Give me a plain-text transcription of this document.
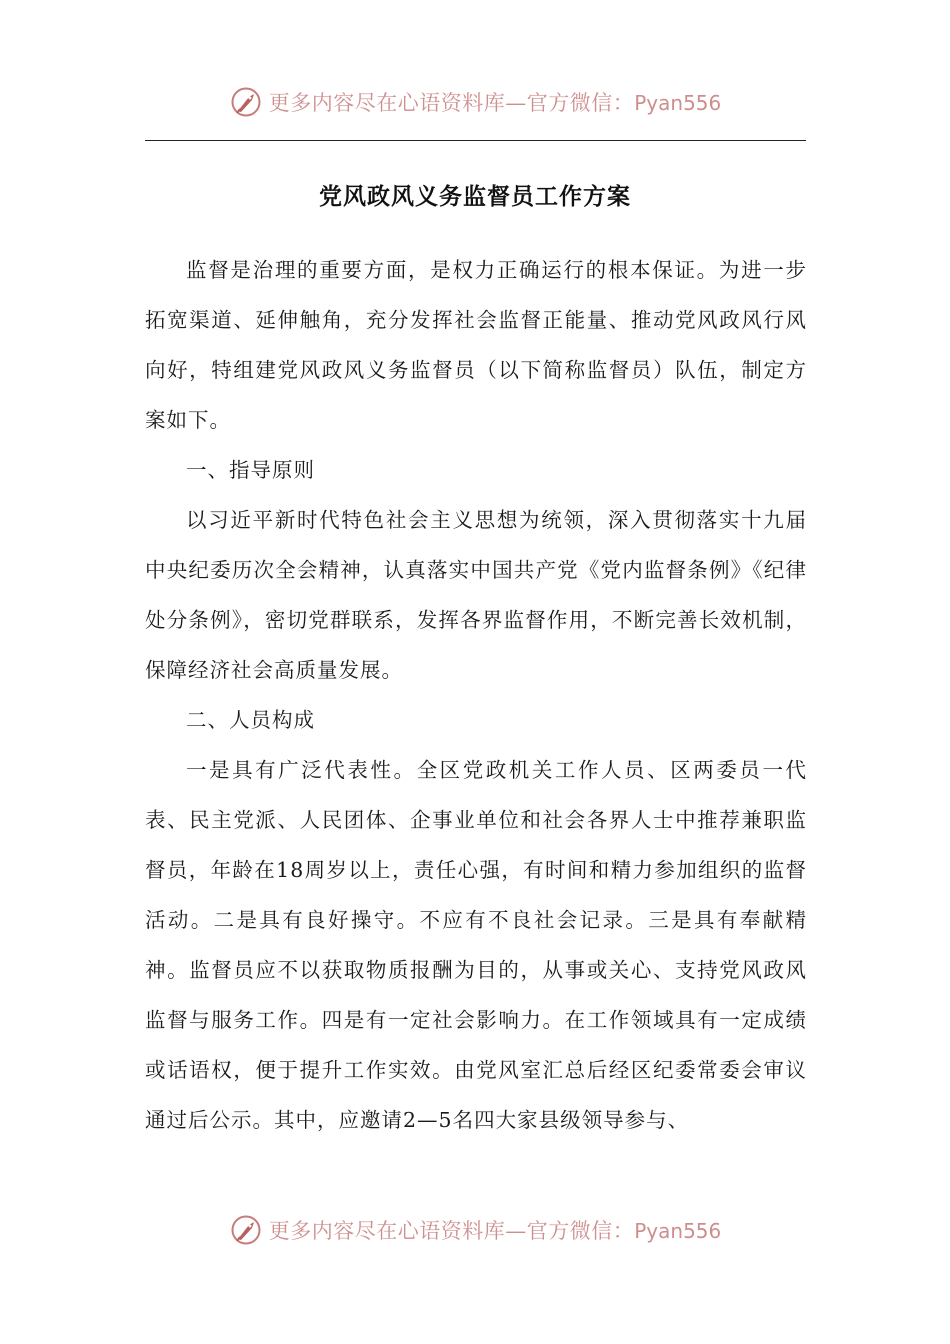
更多内容尽在心语资料库—官方微信：Pyan556
党风政风义务监督员工作方案

监督是治理的重要方面，是权力正确运行的根本保证。为进一步拓宽渠道、延伸触角，充分发挥社会监督正能量、推动党风政风行风向好，特组建党风政风义务监督员（以下简称监督员）队伍，制定方案如下。

一、指导原则

以习近平新时代特色社会主义思想为统领，深入贯彻落实十九届中央纪委历次全会精神，认真落实中国共产党《党内监督条例》《纪律处分条例》，密切党群联系，发挥各界监督作用，不断完善长效机制，保障经济社会高质量发展。

二、人员构成

一是具有广泛代表性。全区党政机关工作人员、区两委员一代表、民主党派、人民团体、企事业单位和社会各界人士中推荐兼职监督员，年龄在18周岁以上，责任心强，有时间和精力参加组织的监督活动。二是具有良好操守。不应有不良社会记录。三是具有奉献精神。监督员应不以获取物质报酬为目的，从事或关心、支持党风政风监督与服务工作。四是有一定社会影响力。在工作领域具有一定成绩或话语权，便于提升工作实效。由党风室汇总后经区纪委常委会审议通过后公示。其中，应邀请2—5名四大家县级领导参与、

更多内容尽在心语资料库—官方微信：Pyan556
